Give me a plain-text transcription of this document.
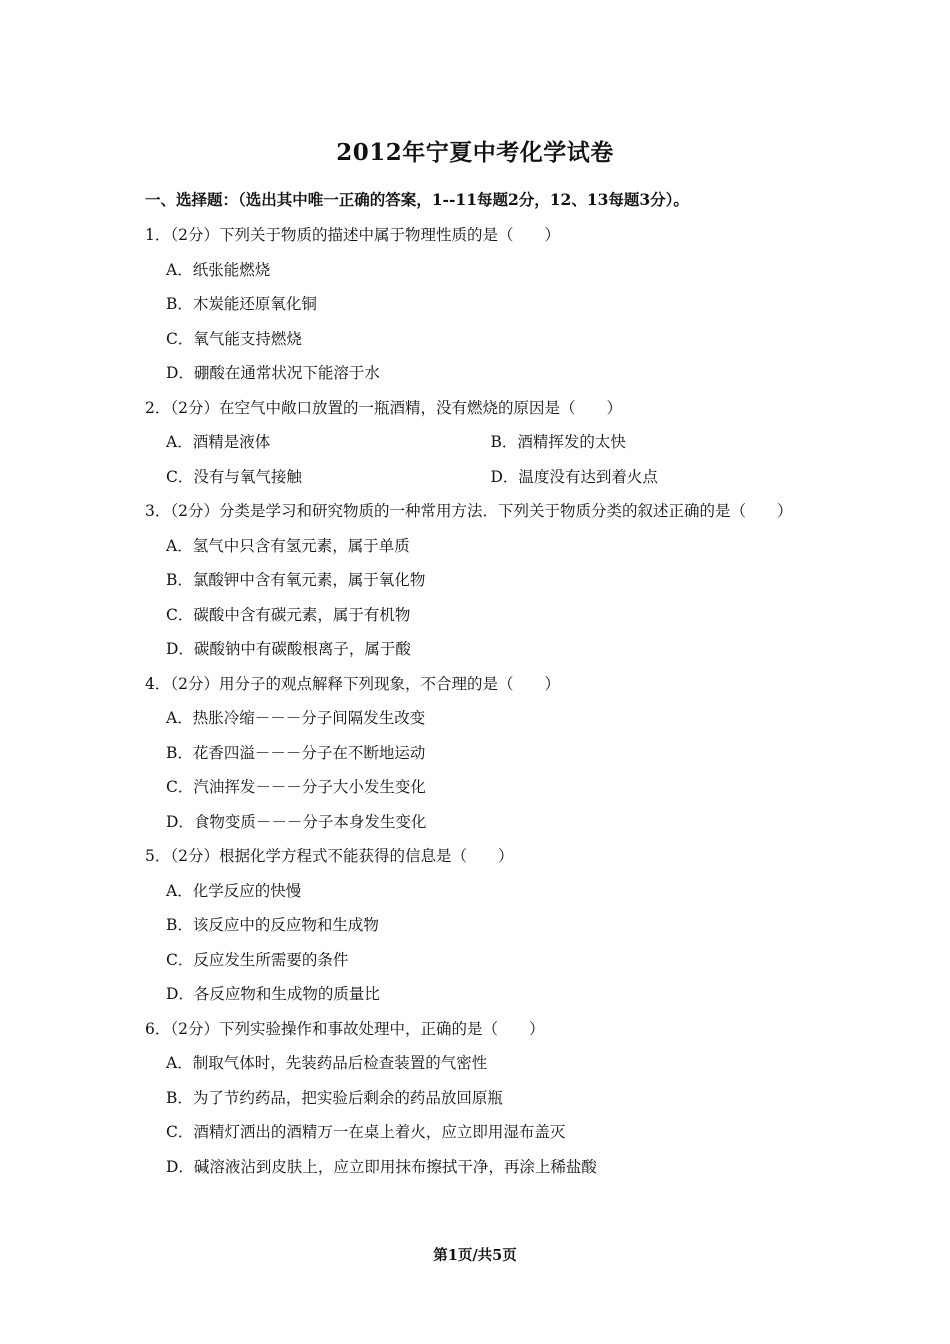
2012年宁夏中考化学试卷
一、选择题：（选出其中唯一正确的答案，1--11每题2分，12、13每题3分）。
1．（2分）下列关于物质的描述中属于物理性质的是（　　）
A．纸张能燃烧
B．木炭能还原氧化铜
C．氧气能支持燃烧
D．硼酸在通常状况下能溶于水
2．（2分）在空气中敞口放置的一瓶酒精，没有燃烧的原因是（　　）
A．酒精是液体	B．酒精挥发的太快
C．没有与氧气接触	D．温度没有达到着火点
3．（2分）分类是学习和研究物质的一种常用方法．下列关于物质分类的叙述正确的是（　　）
A．氢气中只含有氢元素，属于单质
B．氯酸钾中含有氧元素，属于氧化物
C．碳酸中含有碳元素，属于有机物
D．碳酸钠中有碳酸根离子，属于酸
4．（2分）用分子的观点解释下列现象，不合理的是（　　）
A．热胀冷缩－－－分子间隔发生改变
B．花香四溢－－－分子在不断地运动
C．汽油挥发－－－分子大小发生变化
D．食物变质－－－分子本身发生变化
5．（2分）根据化学方程式不能获得的信息是（　　）
A．化学反应的快慢
B．该反应中的反应物和生成物
C．反应发生所需要的条件
D．各反应物和生成物的质量比
6．（2分）下列实验操作和事故处理中，正确的是（　　）
A．制取气体时，先装药品后检查装置的气密性
B．为了节约药品，把实验后剩余的药品放回原瓶
C．酒精灯洒出的酒精万一在桌上着火，应立即用湿布盖灭
D．碱溶液沾到皮肤上，应立即用抹布擦拭干净，再涂上稀盐酸
第1页/共5页
